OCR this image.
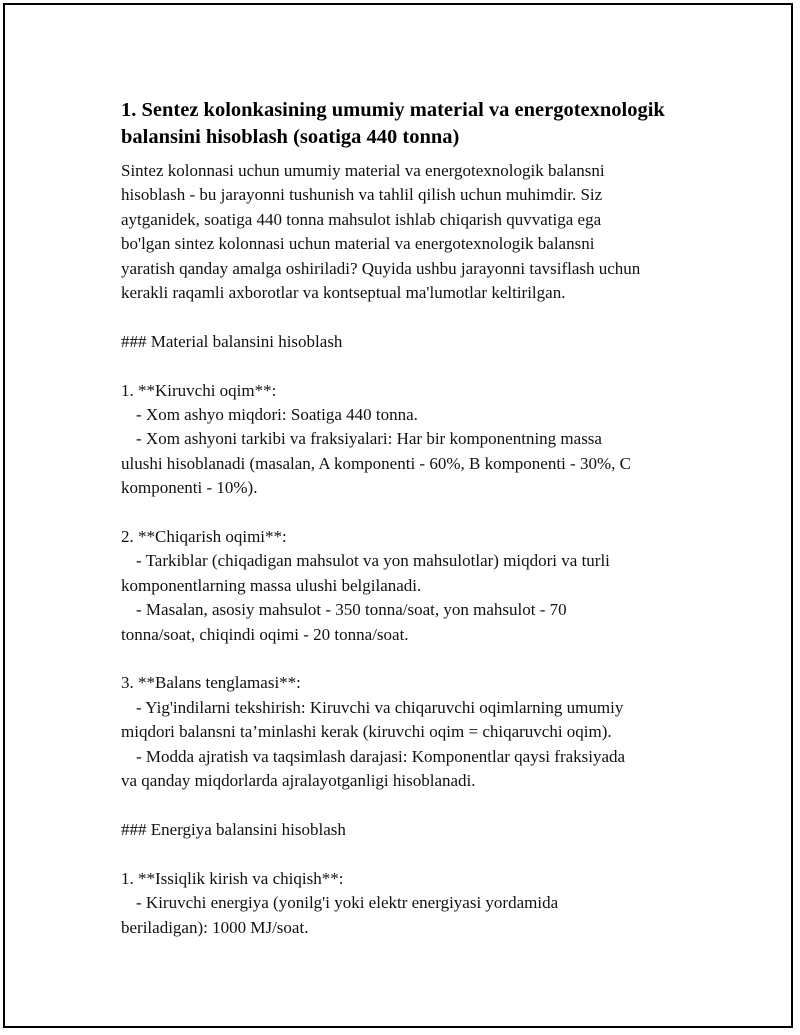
1. Sentez kolonkasining umumiy material va energotexnologik
balansini hisoblash (soatiga 440 tonna)

Sintez kolonnasi uchun umumiy material va energotexnologik balansni

hisoblash - bu jarayonni tushunish va tahlil qilish uchun muhimdir. Siz

aytganidek, soatiga 440 tonna mahsulot ishlab chiqarish quvvatiga ega

bo'lgan sintez kolonnasi uchun material va energotexnologik balansni

yaratish qanday amalga oshiriladi? Quyida ushbu jarayonni tavsiflash uchun

kerakli raqamli axborotlar va kontseptual ma'lumotlar keltirilgan.

### Material balansini hisoblash

1. **Kiruvchi oqim**:

- Xom ashyo miqdori: Soatiga 440 tonna.

- Xom ashyoni tarkibi va fraksiyalari: Har bir komponentning massa

ulushi hisoblanadi (masalan, A komponenti - 60%, B komponenti - 30%, C

komponenti - 10%).

2. **Chiqarish oqimi**:

- Tarkiblar (chiqadigan mahsulot va yon mahsulotlar) miqdori va turli

komponentlarning massa ulushi belgilanadi.

- Masalan, asosiy mahsulot - 350 tonna/soat, yon mahsulot - 70

tonna/soat, chiqindi oqimi - 20 tonna/soat.

3. **Balans tenglamasi**:

- Yig'indilarni tekshirish: Kiruvchi va chiqaruvchi oqimlarning umumiy

miqdori balansni ta’minlashi kerak (kiruvchi oqim = chiqaruvchi oqim).

- Modda ajratish va taqsimlash darajasi: Komponentlar qaysi fraksiyada

va qanday miqdorlarda ajralayotganligi hisoblanadi.

### Energiya balansini hisoblash

1. **Issiqlik kirish va chiqish**:

- Kiruvchi energiya (yonilg'i yoki elektr energiyasi yordamida

beriladigan): 1000 MJ/soat.
